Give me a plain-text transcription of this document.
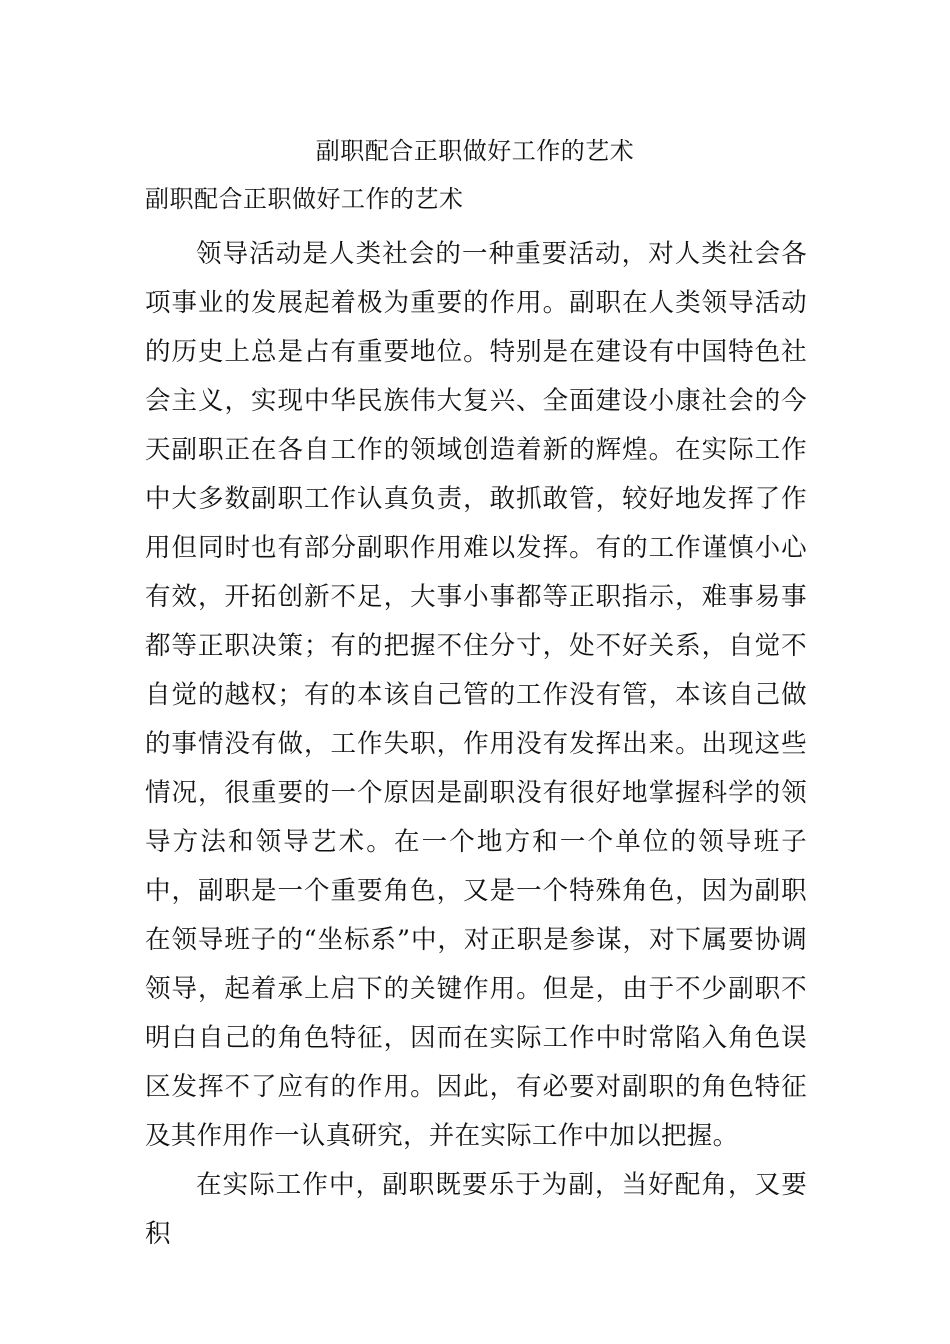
副职配合正职做好工作的艺术
副职配合正职做好工作的艺术

领导活动是人类社会的一种重要活动，对人类社会各项事业的发展起着极为重要的作用。副职在人类领导活动的历史上总是占有重要地位。特别是在建设有中国特色社会主义，实现中华民族伟大复兴、全面建设小康社会的今天副职正在各自工作的领域创造着新的辉煌。在实际工作中大多数副职工作认真负责，敢抓敢管，较好地发挥了作用但同时也有部分副职作用难以发挥。有的工作谨慎小心有效，开拓创新不足，大事小事都等正职指示，难事易事都等正职决策；有的把握不住分寸，处不好关系，自觉不自觉的越权；有的本该自己管的工作没有管，本该自己做的事情没有做，工作失职，作用没有发挥出来。出现这些情况，很重要的一个原因是副职没有很好地掌握科学的领导方法和领导艺术。在一个地方和一个单位的领导班子中，副职是一个重要角色，又是一个特殊角色，因为副职在领导班子的“坐标系”中，对正职是参谋，对下属要协调领导，起着承上启下的关键作用。但是，由于不少副职不明白自己的角色特征，因而在实际工作中时常陷入角色误区发挥不了应有的作用。因此，有必要对副职的角色特征及其作用作一认真研究，并在实际工作中加以把握。

在实际工作中，副职既要乐于为副，当好配角，又要积
